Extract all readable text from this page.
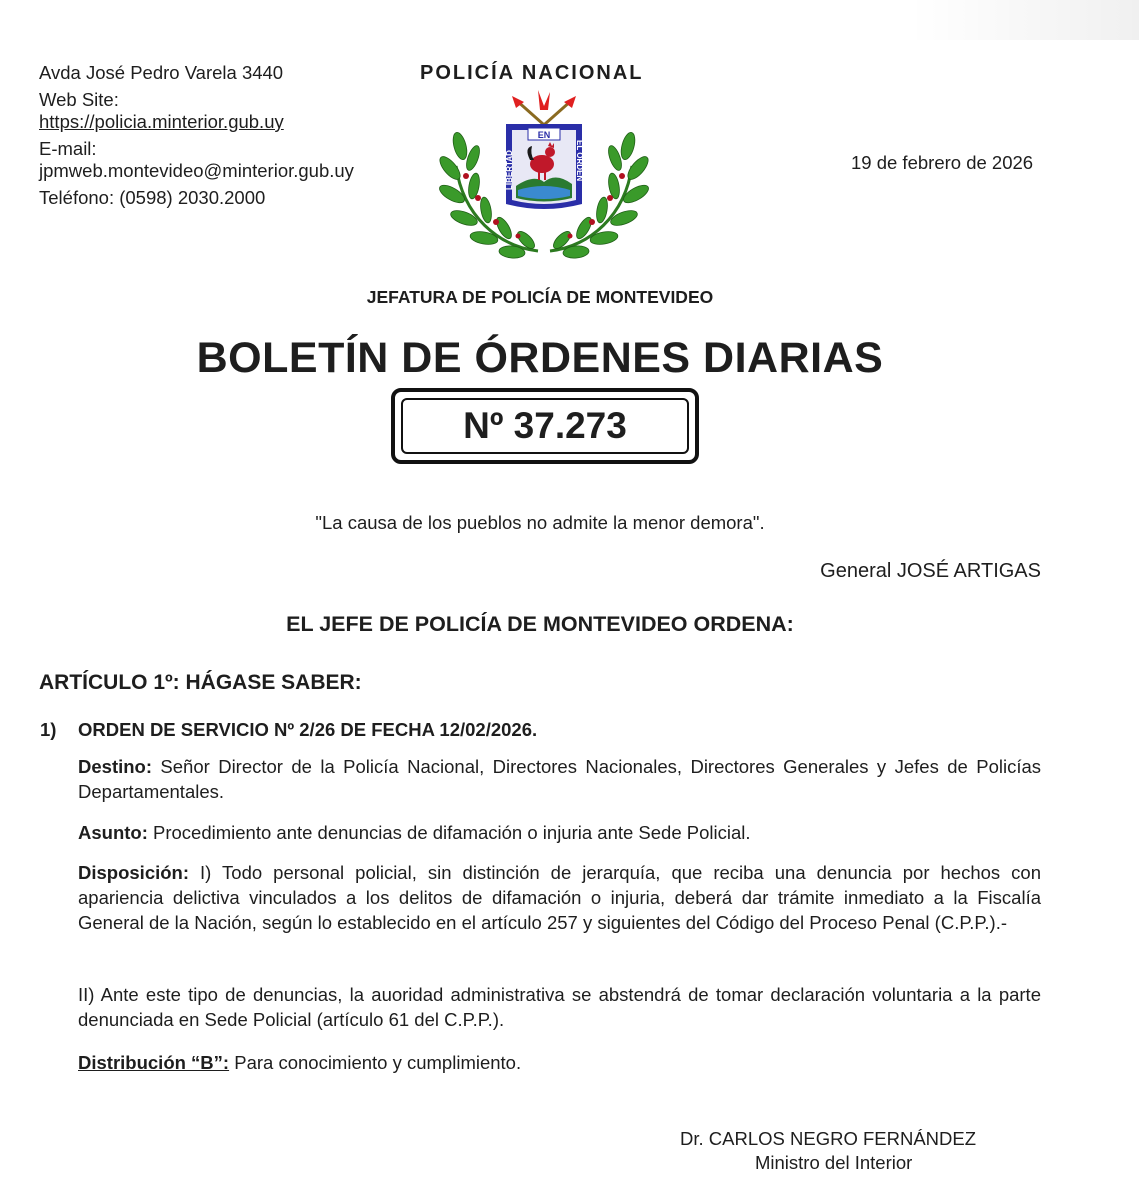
Avda José Pedro Varela 3440
Web Site:
https://policia.minterior.gub.uy
E-mail:
jpmweb.montevideo@minterior.gub.uy
Teléfono: (0598) 2030.2000
POLICÍA NACIONAL
EN
LIBERTAD	EL ORDEN	19 de febrero de 2026
JEFATURA DE POLICÍA DE MONTEVIDEO
BOLETÍN DE ÓRDENES DIARIAS
Nº 37.273
"La causa de los pueblos no admite la menor demora".
General JOSÉ ARTIGAS
EL JEFE DE POLICÍA DE MONTEVIDEO ORDENA:
ARTÍCULO 1º: HÁGASE SABER:
1) ORDEN DE SERVICIO Nº 2/26 DE FECHA 12/02/2026.
Destino: Señor Director de la Policía Nacional, Directores Nacionales, Directores Generales y Jefes de Policías Departamentales.
Asunto: Procedimiento ante denuncias de difamación o injuria ante Sede Policial.
Disposición: I) Todo personal policial, sin distinción de jerarquía, que reciba una denuncia por hechos con apariencia delictiva vinculados a los delitos de difamación o injuria, deberá dar trámite inmediato a la Fiscalía General de la Nación, según lo establecido en el artículo 257 y siguientes del Código del Proceso Penal (C.P.P.).-
II) Ante este tipo de denuncias, la auoridad administrativa se abstendrá de tomar declaración voluntaria a la parte denunciada en Sede Policial (artículo 61 del C.P.P.).
Distribución “B”: Para conocimiento y cumplimiento.
Dr. CARLOS NEGRO FERNÁNDEZ
Ministro del Interior
